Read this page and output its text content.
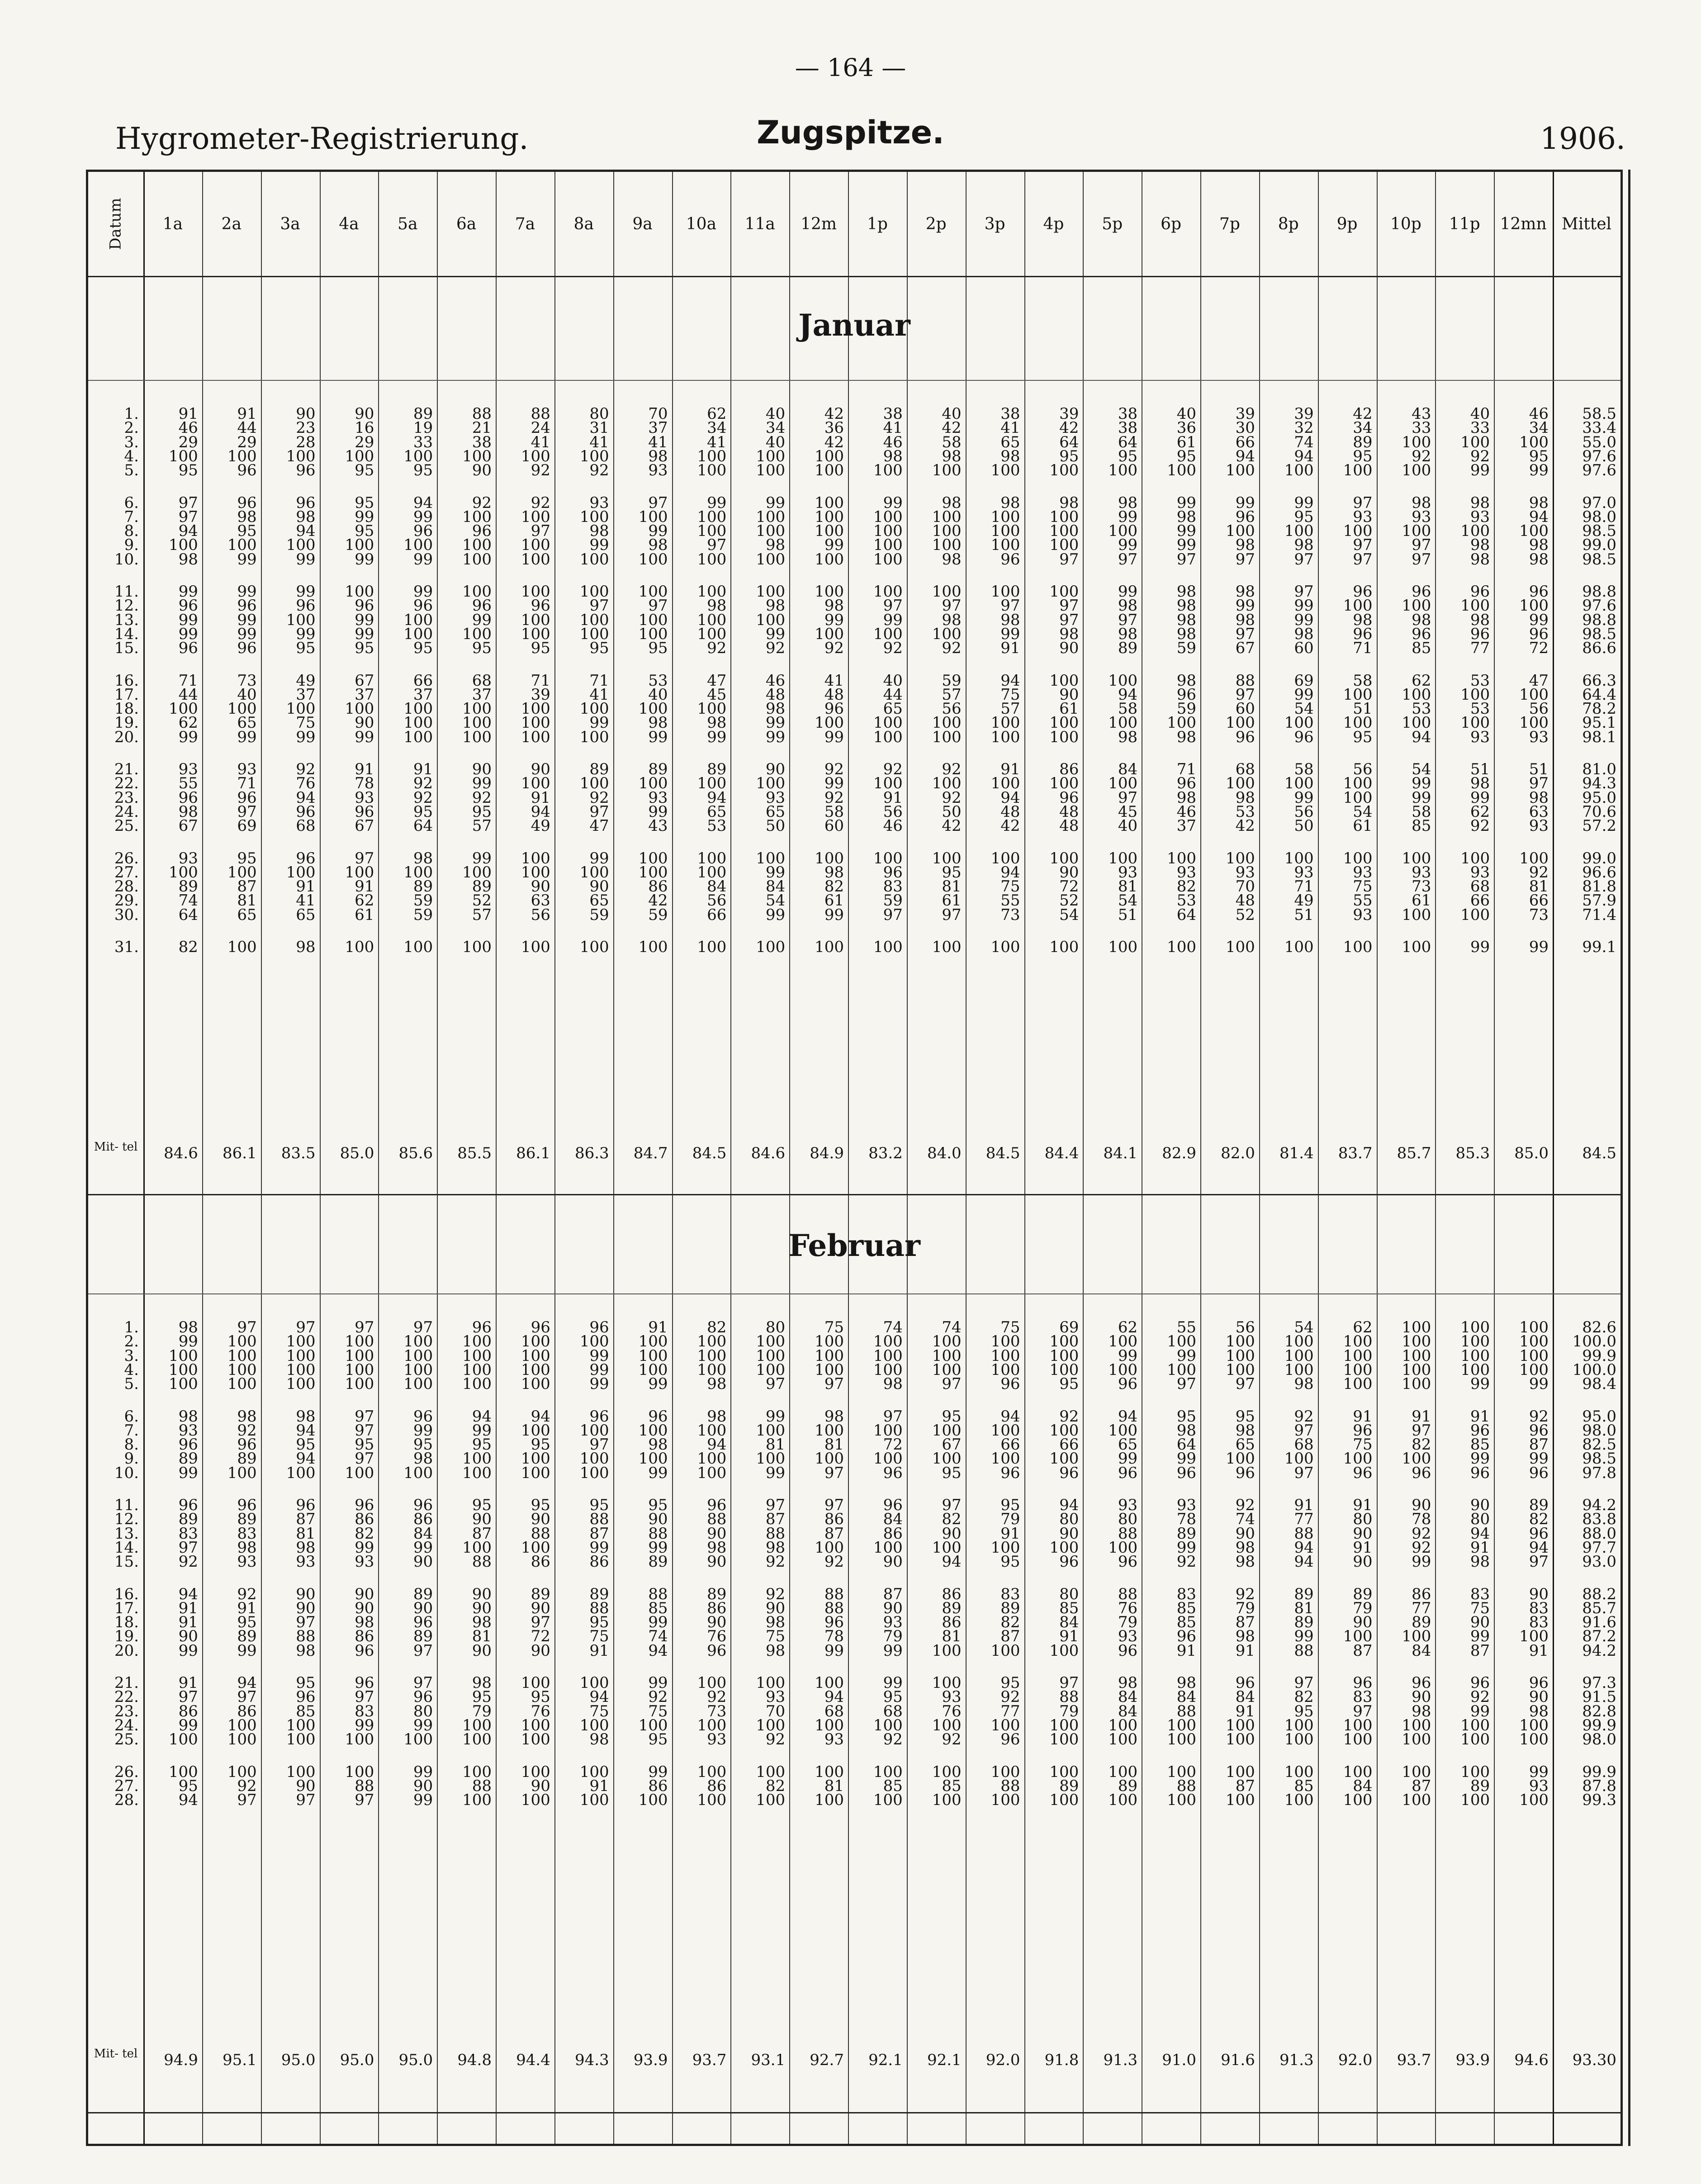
— 164 —
Hygrometer-Registrierung.	Zugspitze.	1906.
Datum 1a 2a 3a 4a 5a 6a 7a 8a 9a 10a 11a 12m 1p 2p 3p 4p 5p 6p 7p 8p 9p 10p 11p 12mn Mittel
Januar
1.	91	91	90	90	89	88	88	80	70	62	40	42	38	40	38	39	38	40	39	39	42	43	40	46	58.5
2.	46	44	23	16	19	21	24	31	37	34	34	36	41	42	41	42	38	36	30	32	34	33	33	34	33.4
3.	29	29	28	29	33	38	41	41	41	41	40	42	46	58	65	64	64	61	66	74	89	100	100	100	55.0
4.	100	100	100	100	100	100	100	100	98	100	100	100	98	98	98	95	95	95	94	94	95	92	92	95	97.6
5.	95	96	96	95	95	90	92	92	93	100	100	100	100	100	100	100	100	100	100	100	100	100	99	99	97.6
6.	97	96	96	95	94	92	92	93	97	99	99	100	99	98	98	98	98	99	99	99	97	98	98	98	97.0
7.	97	98	98	99	99	100	100	100	100	100	100	100	100	100	100	100	99	98	96	95	93	93	93	94	98.0
8.	94	95	94	95	96	96	97	98	99	100	100	100	100	100	100	100	100	99	100	100	100	100	100	100	98.5
9.	100	100	100	100	100	100	100	99	98	97	98	99	100	100	100	100	99	99	98	98	97	97	98	98	99.0
10.	98	99	99	99	99	100	100	100	100	100	100	100	100	98	96	97	97	97	97	97	97	97	98	98	98.5
11.	99	99	99	100	99	100	100	100	100	100	100	100	100	100	100	100	99	98	98	97	96	96	96	96	98.8
12.	96	96	96	96	96	96	96	97	97	98	98	98	97	97	97	97	98	98	99	99	100	100	100	100	97.6
13.	99	99	100	99	100	99	100	100	100	100	100	99	99	98	98	97	97	98	98	99	98	98	98	99	98.8
14.	99	99	99	99	100	100	100	100	100	100	99	100	100	100	99	98	98	98	97	98	96	96	96	96	98.5
15.	96	96	95	95	95	95	95	95	95	92	92	92	92	92	91	90	89	59	67	60	71	85	77	72	86.6
16.	71	73	49	67	66	68	71	71	53	47	46	41	40	59	94	100	100	98	88	69	58	62	53	47	66.3
17.	44	40	37	37	37	37	39	41	40	45	48	48	44	57	75	90	94	96	97	99	100	100	100	100	64.4
18.	100	100	100	100	100	100	100	100	100	100	98	96	65	56	57	61	58	59	60	54	51	53	53	56	78.2
19.	62	65	75	90	100	100	100	99	98	98	99	100	100	100	100	100	100	100	100	100	100	100	100	100	95.1
20.	99	99	99	99	100	100	100	100	99	99	99	99	100	100	100	100	98	98	96	96	95	94	93	93	98.1
21.	93	93	92	91	91	90	90	89	89	89	90	92	92	92	91	86	84	71	68	58	56	54	51	51	81.0
22.	55	71	76	78	92	99	100	100	100	100	100	99	100	100	100	100	100	96	100	100	100	99	98	97	94.3
23.	96	96	94	93	92	92	91	92	93	94	93	92	91	92	94	96	97	98	98	99	100	99	99	98	95.0
24.	98	97	96	96	95	95	94	97	99	65	65	58	56	50	48	48	45	46	53	56	54	58	62	63	70.6
25.	67	69	68	67	64	57	49	47	43	53	50	60	46	42	42	48	40	37	42	50	61	85	92	93	57.2
26.	93	95	96	97	98	99	100	99	100	100	100	100	100	100	100	100	100	100	100	100	100	100	100	100	99.0
27.	100	100	100	100	100	100	100	100	100	100	99	98	96	95	94	90	93	93	93	93	93	93	93	92	96.6
28.	89	87	91	91	89	89	90	90	86	84	84	82	83	81	75	72	81	82	70	71	75	73	68	81	81.8
29.	74	81	41	62	59	52	63	65	42	56	54	61	59	61	55	52	54	53	48	49	55	61	66	66	57.9
30.	64	65	65	61	59	57	56	59	59	66	99	99	97	97	73	54	51	64	52	51	93	100	100	73	71.4
31.	82	100	98	100	100	100	100	100	100	100	100	100	100	100	100	100	100	100	100	100	100	100	99	99	99.1
Mit- tel	84.6	86.1	83.5	85.0	85.6	85.5	86.1	86.3	84.7	84.5	84.6	84.9	83.2	84.0	84.5	84.4	84.1	82.9	82.0	81.4	83.7	85.7	85.3	85.0	84.5
Februar
1.	98	97	97	97	97	96	96	96	91	82	80	75	74	74	75	69	62	55	56	54	62	100	100	100	82.6
2.	99	100	100	100	100	100	100	100	100	100	100	100	100	100	100	100	100	100	100	100	100	100	100	100	100.0
3.	100	100	100	100	100	100	100	99	100	100	100	100	100	100	100	100	99	99	100	100	100	100	100	100	99.9
4.	100	100	100	100	100	100	100	99	100	100	100	100	100	100	100	100	100	100	100	100	100	100	100	100	100.0
5.	100	100	100	100	100	100	100	99	99	98	97	97	98	97	96	95	96	97	97	98	100	100	99	99	98.4
6.	98	98	98	97	96	94	94	96	96	98	99	98	97	95	94	92	94	95	95	92	91	91	91	92	95.0
7.	93	92	94	97	99	99	100	100	100	100	100	100	100	100	100	100	100	98	98	97	96	97	96	96	98.0
8.	96	96	95	95	95	95	95	97	98	94	81	81	72	67	66	66	65	64	65	68	75	82	85	87	82.5
9.	89	89	94	97	98	100	100	100	100	100	100	100	100	100	100	100	99	99	100	100	100	100	99	99	98.5
10.	99	100	100	100	100	100	100	100	99	100	99	97	96	95	96	96	96	96	96	97	96	96	96	96	97.8
11.	96	96	96	96	96	95	95	95	95	96	97	97	96	97	95	94	93	93	92	91	91	90	90	89	94.2
12.	89	89	87	86	86	90	90	88	90	88	87	86	84	82	79	80	80	78	74	77	80	78	80	82	83.8
13.	83	83	81	82	84	87	88	87	88	90	88	87	86	90	91	90	88	89	90	88	90	92	94	96	88.0
14.	97	98	98	99	99	100	100	99	99	98	98	100	100	100	100	100	100	99	98	94	91	92	91	94	97.7
15.	92	93	93	93	90	88	86	86	89	90	92	92	90	94	95	96	96	92	98	94	90	99	98	97	93.0
16.	94	92	90	90	89	90	89	89	88	89	92	88	87	86	83	80	88	83	92	89	89	86	83	90	88.2
17.	91	91	90	90	90	90	90	88	85	86	90	88	90	89	89	85	76	85	79	81	79	77	75	83	85.7
18.	91	95	97	98	96	98	97	95	99	90	98	96	93	86	82	84	79	85	87	89	90	89	90	83	91.6
19.	90	89	88	86	89	81	72	75	74	76	75	78	79	81	87	91	93	96	98	99	100	100	99	100	87.2
20.	99	99	98	96	97	90	90	91	94	96	98	99	99	100	100	100	96	91	91	88	87	84	87	91	94.2
21.	91	94	95	96	97	98	100	100	99	100	100	100	99	100	95	97	98	98	96	97	96	96	96	96	97.3
22.	97	97	96	97	96	95	95	94	92	92	93	94	95	93	92	88	84	84	84	82	83	90	92	90	91.5
23.	86	86	85	83	80	79	76	75	75	73	70	68	68	76	77	79	84	88	91	95	97	98	99	98	82.8
24.	99	100	100	99	99	100	100	100	100	100	100	100	100	100	100	100	100	100	100	100	100	100	100	100	99.9
25.	100	100	100	100	100	100	100	98	95	93	92	93	92	92	96	100	100	100	100	100	100	100	100	100	98.0
26.	100	100	100	100	99	100	100	100	99	100	100	100	100	100	100	100	100	100	100	100	100	100	100	99	99.9
27.	95	92	90	88	90	88	90	91	86	86	82	81	85	85	88	89	89	88	87	85	84	87	89	93	87.8
28.	94	97	97	97	99	100	100	100	100	100	100	100	100	100	100	100	100	100	100	100	100	100	100	100	99.3
Mit- tel	94.9	95.1	95.0	95.0	95.0	94.8	94.4	94.3	93.9	93.7	93.1	92.7	92.1	92.1	92.0	91.8	91.3	91.0	91.6	91.3	92.0	93.7	93.9	94.6	93.30
